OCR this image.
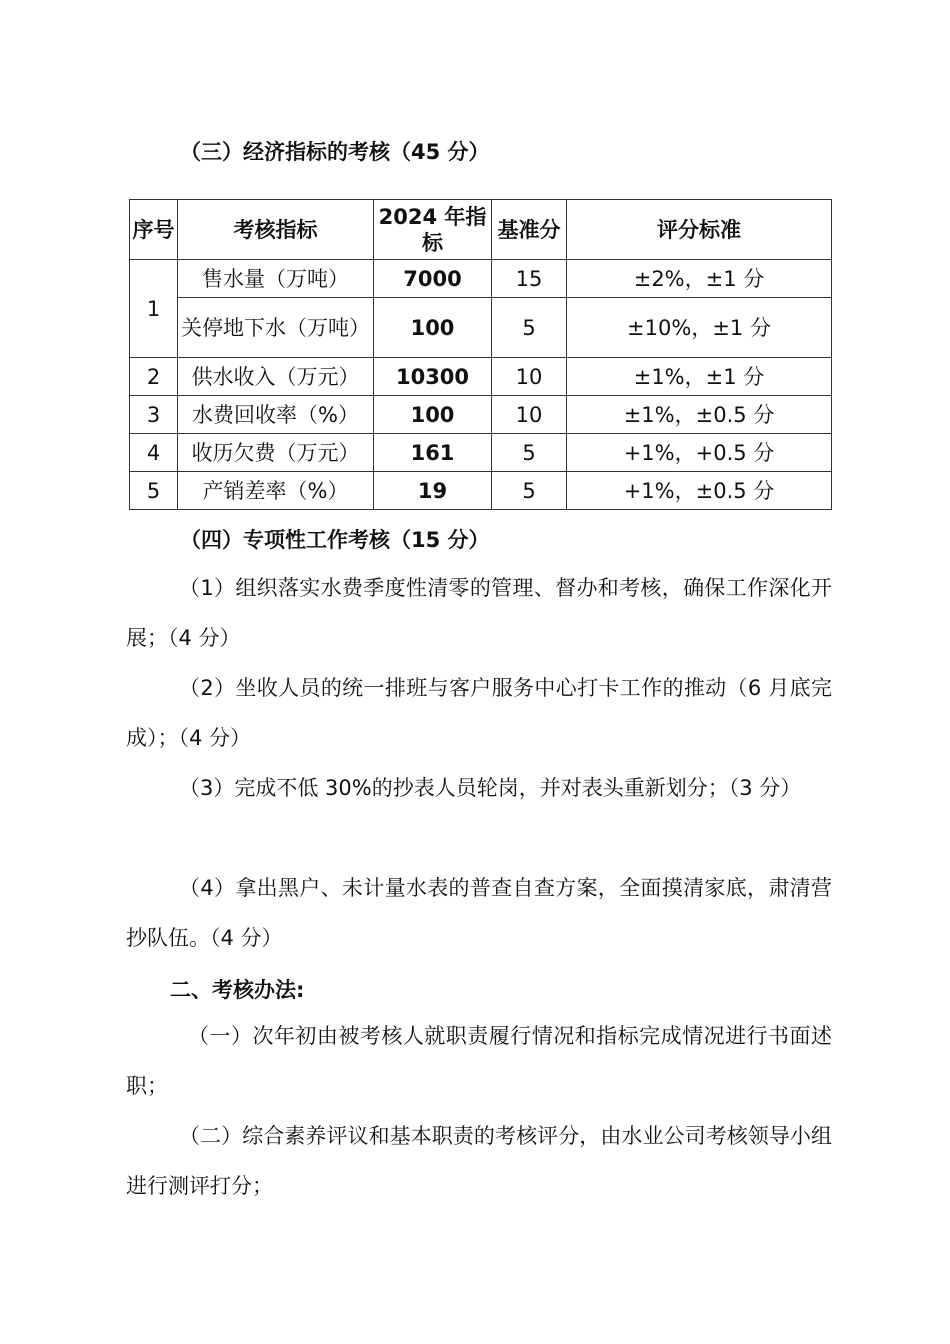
（三）经济指标的考核（45 分）
序号	考核指标	2024 年指标	基准分	评分标准
1	售水量（万吨）	7000	15	±2%，±1 分
	关停地下水（万吨）	100	5	±10%，±1 分
2	供水收入（万元）	10300	10	±1%，±1 分
3	水费回收率（%）	100	10	±1%，±0.5 分
4	收历欠费（万元）	161	5	+1%，+0.5 分
5	产销差率（%）	19	5	+1%，±0.5 分
（四）专项性工作考核（15 分）
（1）组织落实水费季度性清零的管理、督办和考核，确保工作深化开展；（4 分）
（2）坐收人员的统一排班与客户服务中心打卡工作的推动（6 月底完成）；（4 分）
（3）完成不低 30%的抄表人员轮岗，并对表头重新划分；（3 分）
（4）拿出黑户、未计量水表的普查自查方案，全面摸清家底，肃清营抄队伍。（4 分）
二、考核办法:
（一）次年初由被考核人就职责履行情况和指标完成情况进行书面述职；
（二）综合素养评议和基本职责的考核评分，由水业公司考核领导小组进行测评打分；
